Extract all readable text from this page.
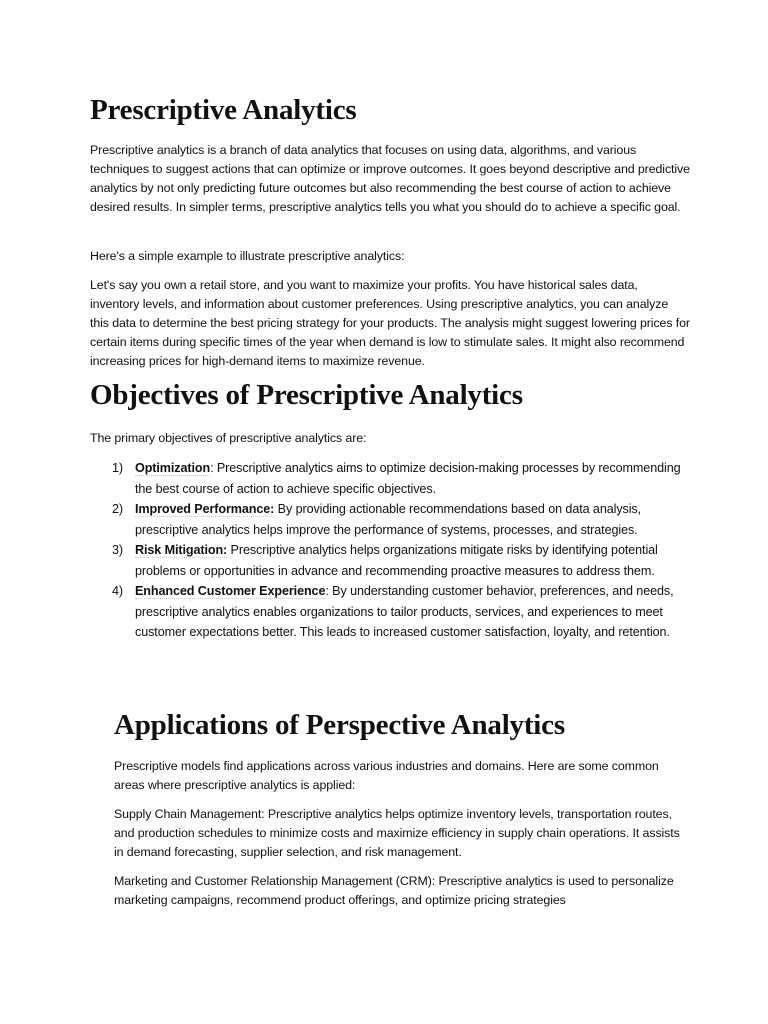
Prescriptive Analytics

Prescriptive analytics is a branch of data analytics that focuses on using data, algorithms, and various techniques to suggest actions that can optimize or improve outcomes. It goes beyond descriptive and predictive analytics by not only predicting future outcomes but also recommending the best course of action to achieve desired results. In simpler terms, prescriptive analytics tells you what you should do to achieve a specific goal.

Here's a simple example to illustrate prescriptive analytics:

Let's say you own a retail store, and you want to maximize your profits. You have historical sales data, inventory levels, and information about customer preferences. Using prescriptive analytics, you can analyze this data to determine the best pricing strategy for your products. The analysis might suggest lowering prices for certain items during specific times of the year when demand is low to stimulate sales. It might also recommend increasing prices for high-demand items to maximize revenue.

Objectives of Prescriptive Analytics

The primary objectives of prescriptive analytics are:

1) Optimization: Prescriptive analytics aims to optimize decision-making processes by recommending the best course of action to achieve specific objectives.
2) Improved Performance: By providing actionable recommendations based on data analysis, prescriptive analytics helps improve the performance of systems, processes, and strategies.
3) Risk Mitigation: Prescriptive analytics helps organizations mitigate risks by identifying potential problems or opportunities in advance and recommending proactive measures to address them.
4) Enhanced Customer Experience: By understanding customer behavior, preferences, and needs, prescriptive analytics enables organizations to tailor products, services, and experiences to meet customer expectations better. This leads to increased customer satisfaction, loyalty, and retention.
Applications of Perspective Analytics

Prescriptive models find applications across various industries and domains. Here are some common areas where prescriptive analytics is applied:

Supply Chain Management: Prescriptive analytics helps optimize inventory levels, transportation routes, and production schedules to minimize costs and maximize efficiency in supply chain operations. It assists in demand forecasting, supplier selection, and risk management.

Marketing and Customer Relationship Management (CRM): Prescriptive analytics is used to personalize marketing campaigns, recommend product offerings, and optimize pricing strategies
